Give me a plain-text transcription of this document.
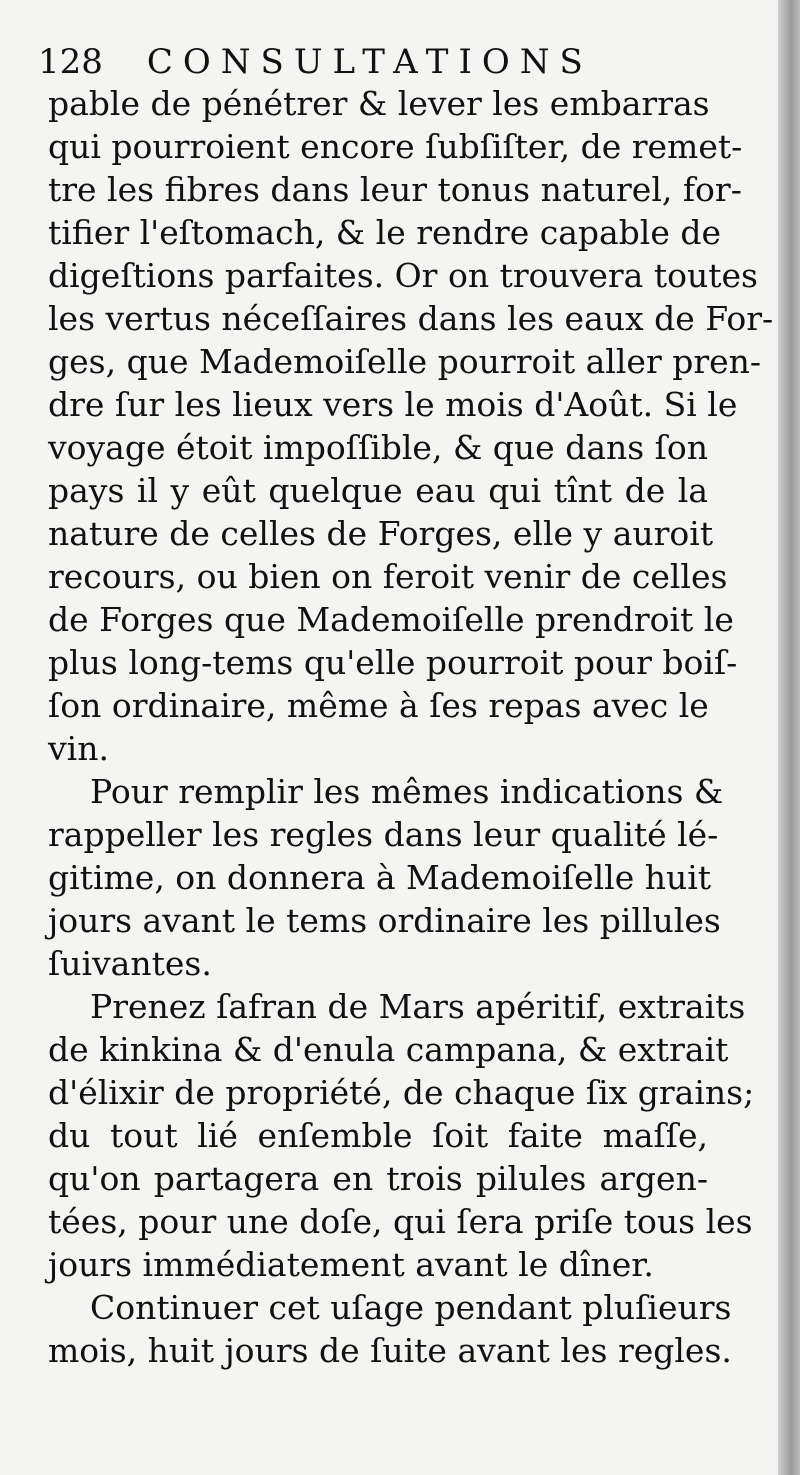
128 CONSULTATIONS
pable de pénétrer & lever les embarras
qui pourroient encore ſubſiſter, de remet-
tre les fibres dans leur tonus naturel, for-
tifier l'eſtomach, & le rendre capable de
digeſtions parfaites. Or on trouvera toutes
les vertus néceſſaires dans les eaux de For-
ges, que Mademoiſelle pourroit aller pren-
dre ſur les lieux vers le mois d'Août. Si le
voyage étoit impoſſible, & que dans ſon
pays il y eût quelque eau qui tînt de la
nature de celles de Forges, elle y auroit
recours, ou bien on feroit venir de celles
de Forges que Mademoiſelle prendroit le
plus long-tems qu'elle pourroit pour boiſ-
ſon ordinaire, même à ſes repas avec le
vin.
Pour remplir les mêmes indications &
rappeller les regles dans leur qualité lé-
gitime, on donnera à Mademoiſelle huit
jours avant le tems ordinaire les pillules
ſuivantes.
Prenez ſafran de Mars apéritif, extraits
de kinkina & d'enula campana, & extrait
d'élixir de propriété, de chaque ſix grains;
du tout lié enſemble ſoit faite maſſe,
qu'on partagera en trois pilules argen-
tées, pour une doſe, qui ſera priſe tous les
jours immédiatement avant le dîner.
Continuer cet uſage pendant pluſieurs
mois, huit jours de ſuite avant les regles.
